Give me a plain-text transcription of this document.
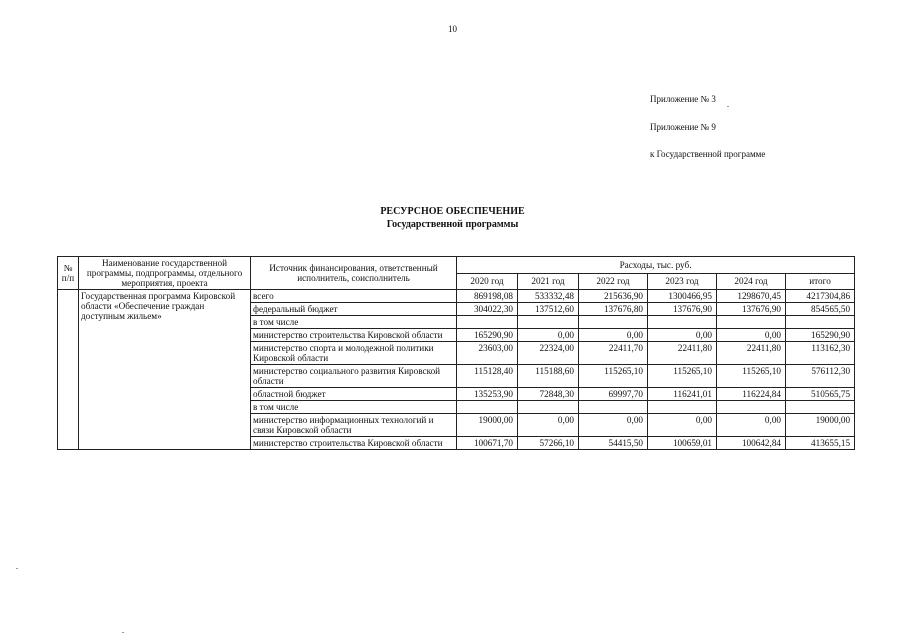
10
Приложение № 3
Приложение № 9
к Государственной программе
РЕСУРСНОЕ ОБЕСПЕЧЕНИЕ
Государственной программы
№ п/п	Наименование государственной программы, подпрограммы, отдельного мероприятия, проекта	Источник финансирования, ответственный исполнитель, соисполнитель	Расходы, тыс. руб.					
			2020 год	2021 год	2022 год	2023 год	2024 год	итого
	Государственная программа Кировской области «Обеспечение граждан доступным жильем»	всего	869198,08	533332,48	215636,90	1300466,95	1298670,45	4217304,86
		федеральный бюджет	304022,30	137512,60	137676,80	137676,90	137676,90	854565,50
		в том числе						
		министерство строительства Кировской области	165290,90	0,00	0,00	0,00	0,00	165290,90
		министерство спорта и молодежной политики Кировской области	23603,00	22324,00	22411,70	22411,80	22411,80	113162,30
		министерство социального развития Кировской области	115128,40	115188,60	115265,10	115265,10	115265,10	576112,30
		областной бюджет	135253,90	72848,30	69997,70	116241,01	116224,84	510565,75
		в том числе						
		министерство информационных технологий и связи Кировской области	19000,00	0,00	0,00	0,00	0,00	19000,00
		министерство строительства Кировской области	100671,70	57266,10	54415,50	100659,01	100642,84	413655,15
